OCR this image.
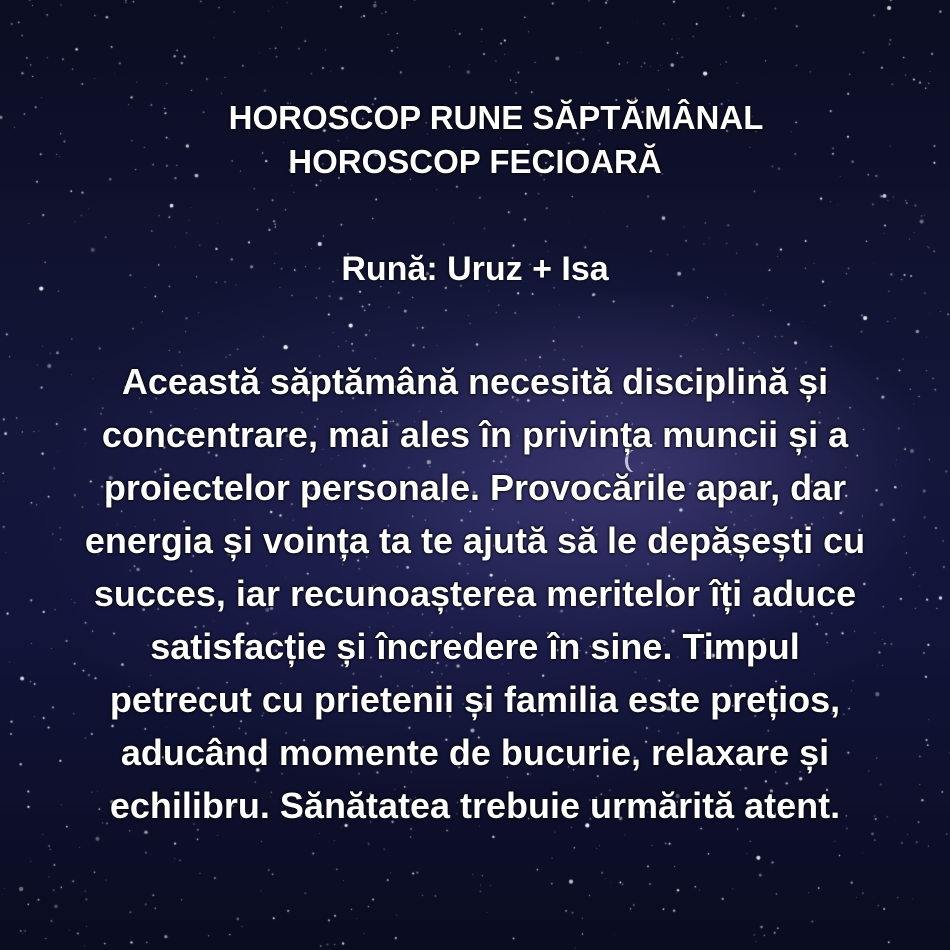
HOROSCOP RUNE SĂPTĂMÂNAL
HOROSCOP FECIOARĂ
Rună: Uruz + Isa
Această săptămână necesită disciplină și
concentrare, mai ales în privința muncii și a
proiectelor personale. Provocările apar, dar
energia și voința ta te ajută să le depășești cu
succes, iar recunoașterea meritelor îți aduce
satisfacție și încredere în sine. Timpul
petrecut cu prietenii și familia este prețios,
aducând momente de bucurie, relaxare și
echilibru. Sănătatea trebuie urmărită atent.
